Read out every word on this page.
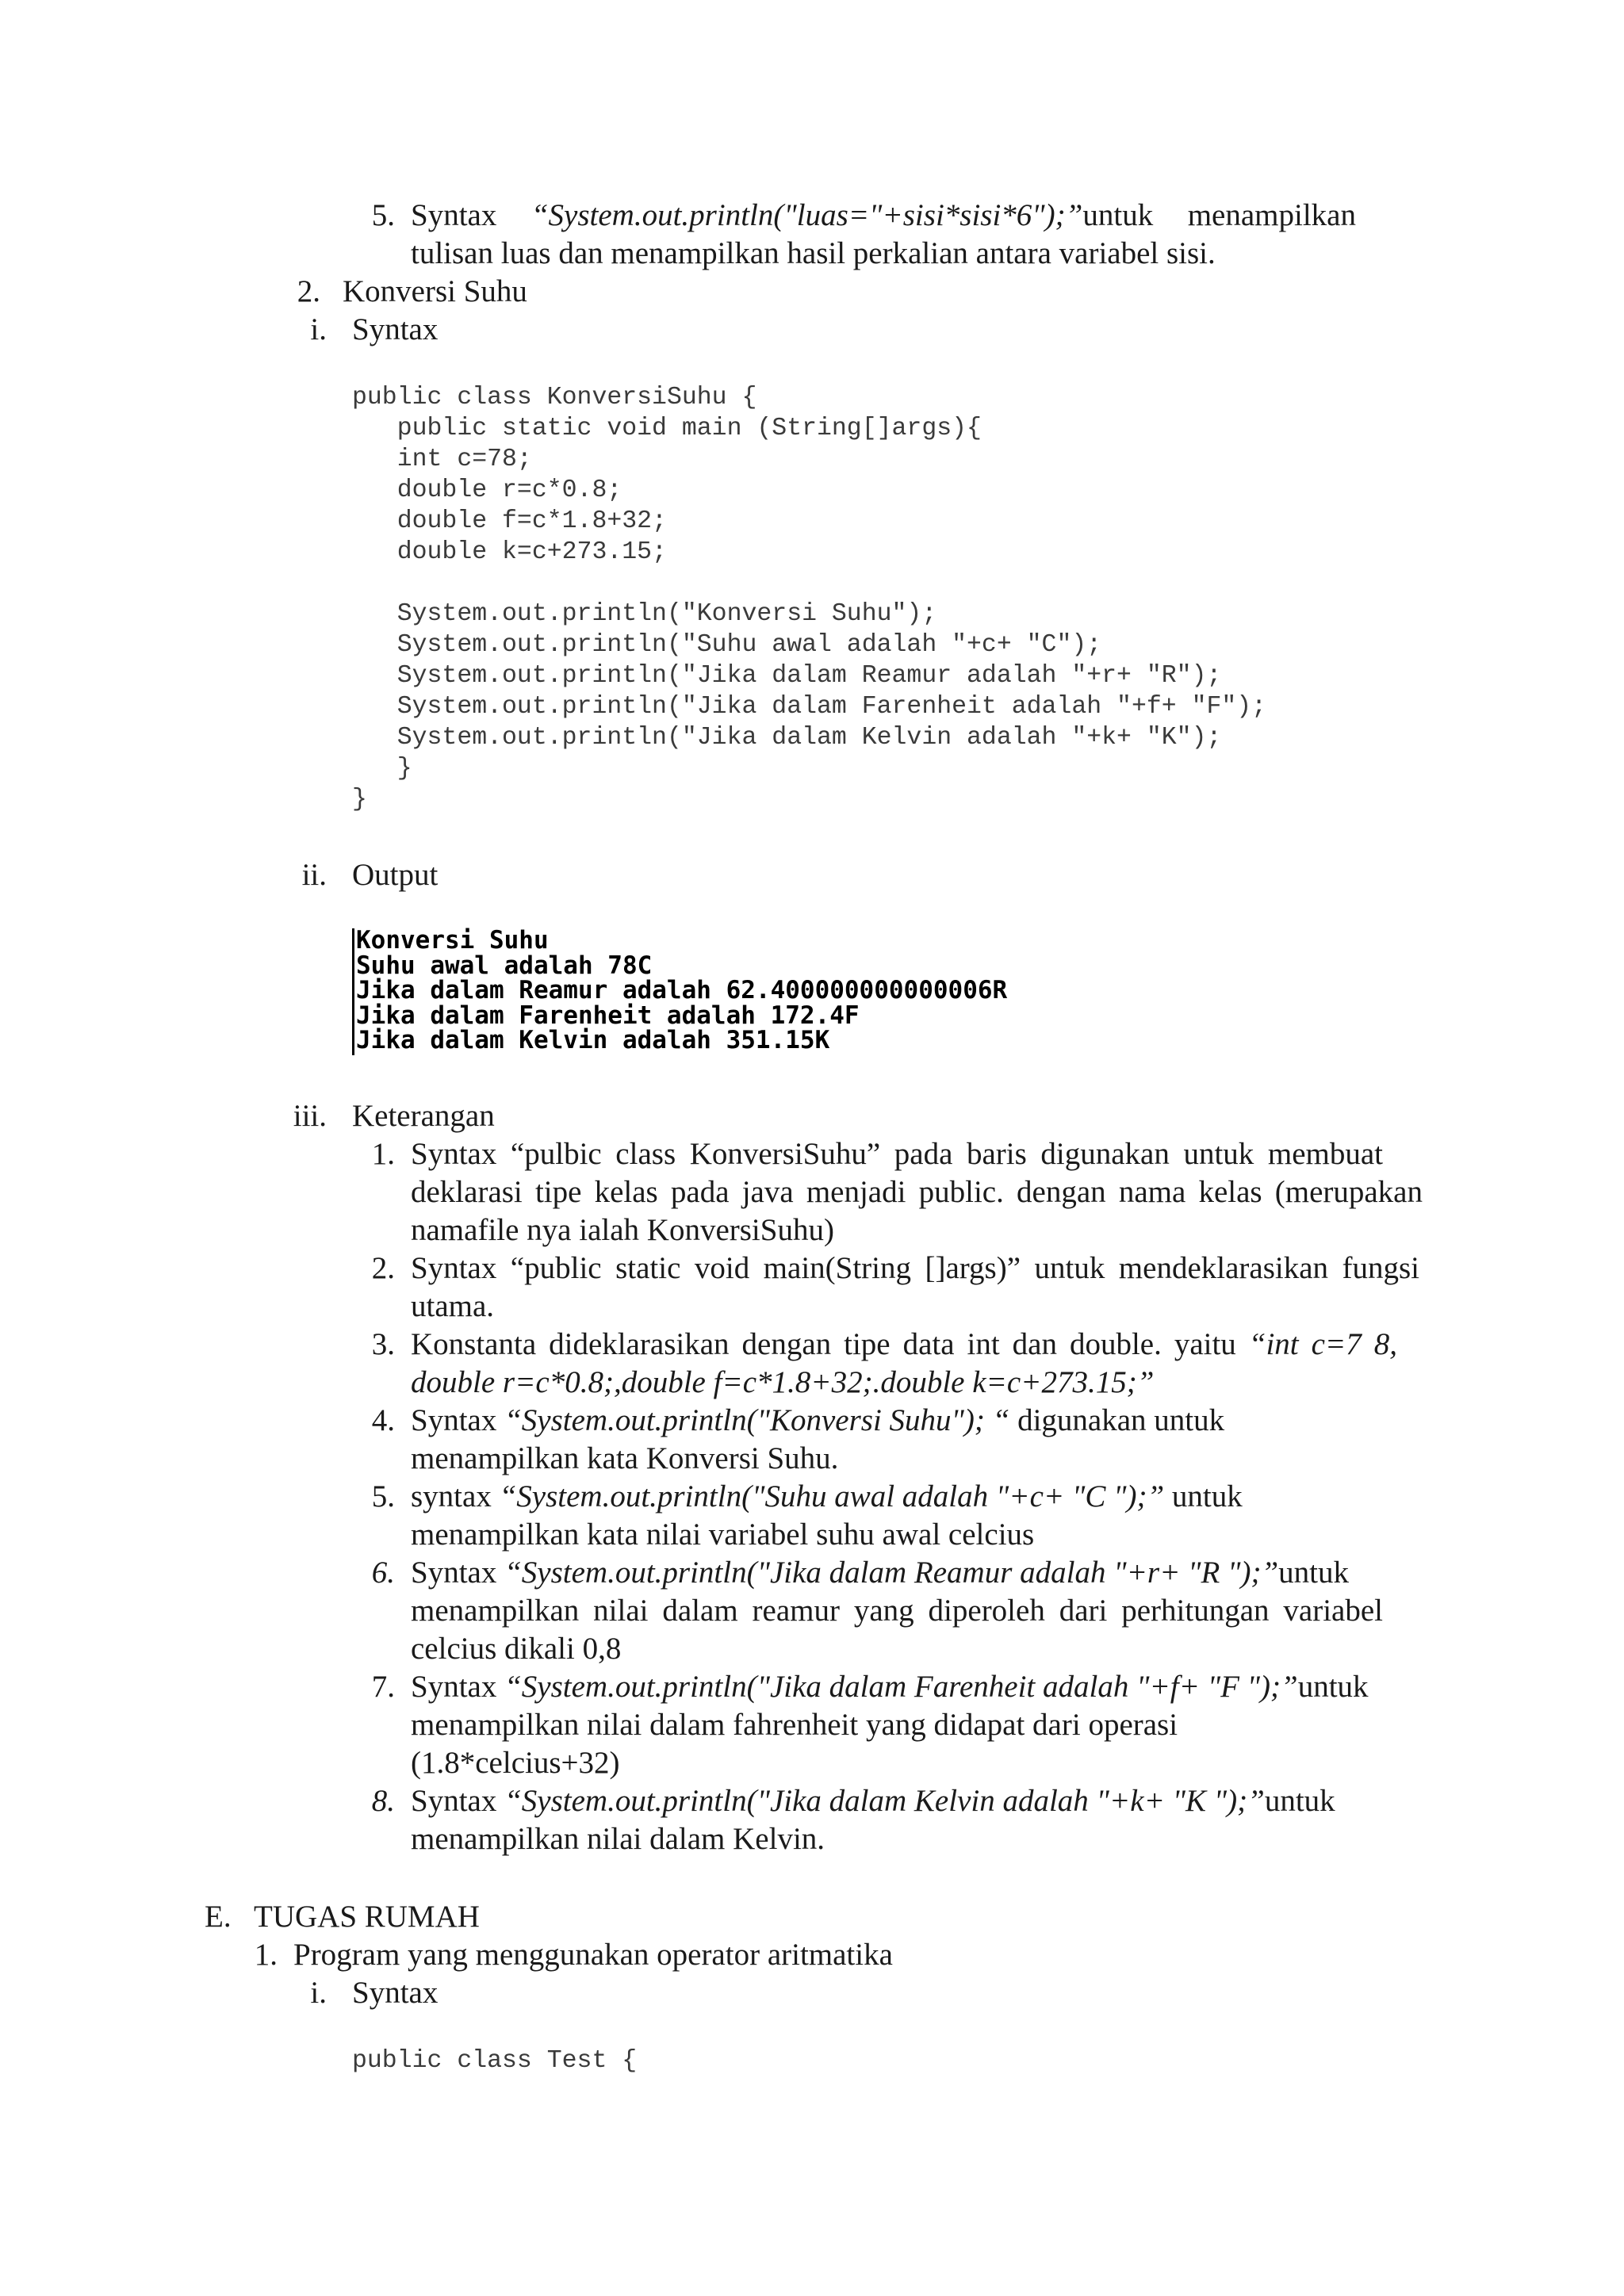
5. Syntax “System.out.println("luas="+sisi*sisi*6");”untuk menampilkan
tulisan luas dan menampilkan hasil perkalian antara variabel sisi.
2. Konversi Suhu
i. Syntax
public class KonversiSuhu {
public static void main (String[]args){
int c=78;
double r=c*0.8;
double f=c*1.8+32;
double k=c+273.15;
System.out.println("Konversi Suhu");
System.out.println("Suhu awal adalah "+c+ "C");
System.out.println("Jika dalam Reamur adalah "+r+ "R");
System.out.println("Jika dalam Farenheit adalah "+f+ "F");
System.out.println("Jika dalam Kelvin adalah "+k+ "K");
}
}
ii. Output
Konversi Suhu
Suhu awal adalah 78C
Jika dalam Reamur adalah 62.400000000000006R
Jika dalam Farenheit adalah 172.4F
Jika dalam Kelvin adalah 351.15K
iii. Keterangan
1. Syntax “pulbic class KonversiSuhu” pada baris digunakan untuk membuat
deklarasi tipe kelas pada java menjadi public. dengan nama kelas (merupakan
namafile nya ialah KonversiSuhu)
2. Syntax “public static void main(String []args)” untuk mendeklarasikan fungsi
utama.
3. Konstanta dideklarasikan dengan tipe data int dan double. yaitu “int c=7 8,
double r=c*0.8;,double f=c*1.8+32;.double k=c+273.15;”
4. Syntax “System.out.println("Konversi Suhu"); “ digunakan untuk
menampilkan kata Konversi Suhu.
5. syntax “System.out.println("Suhu awal adalah "+c+ "C ");” untuk
menampilkan kata nilai variabel suhu awal celcius
6. Syntax “System.out.println("Jika dalam Reamur adalah "+r+ "R ");”untuk
menampilkan nilai dalam reamur yang diperoleh dari perhitungan variabel
celcius dikali 0,8
7. Syntax “System.out.println("Jika dalam Farenheit adalah "+f+ "F ");”untuk
menampilkan nilai dalam fahrenheit yang didapat dari operasi
(1.8*celcius+32)
8. Syntax “System.out.println("Jika dalam Kelvin adalah "+k+ "K ");”untuk
menampilkan nilai dalam Kelvin.
E. TUGAS RUMAH
1. Program yang menggunakan operator aritmatika
i. Syntax
public class Test {
